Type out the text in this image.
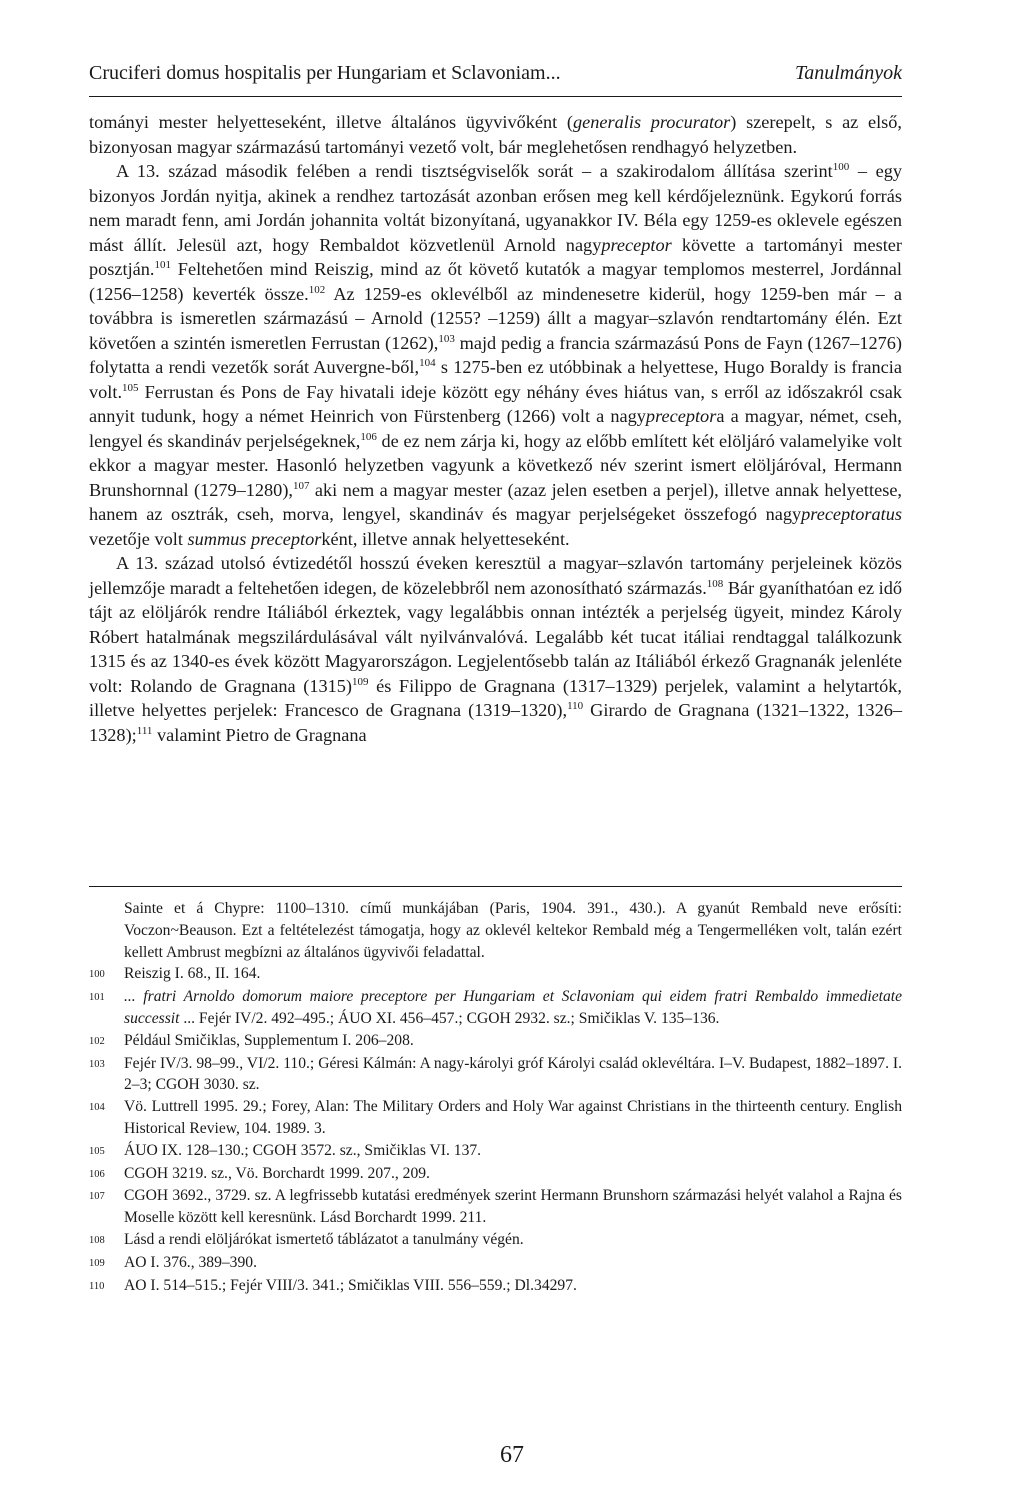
Cruciferi domus hospitalis per Hungariam et Sclavoniam...	Tanulmányok

tományi mester helyetteseként, illetve általános ügyvivőként (generalis procurator) szerepelt, s az első, bizonyosan magyar származású tartományi vezető volt, bár meglehetősen rendhagyó helyzetben.

A 13. század második felében a rendi tisztségviselők sorát – a szakirodalom állítása szerint$^{100}$ – egy bizonyos Jordán nyitja, akinek a rendhez tartozását azonban erősen meg kell kérdőjeleznünk. Egykorú forrás nem maradt fenn, ami Jordán johannita voltát bizonyítaná, ugyanakkor IV. Béla egy 1259-es oklevele egészen mást állít. Jelesül azt, hogy Rembaldot közvetlenül Arnold nagypreceptor követte a tartományi mester posztján.$^{101}$ Feltehetően mind Reiszig, mind az őt követő kutatók a magyar templomos mesterrel, Jordánnal (1256–1258) keverték össze.$^{102}$ Az 1259-es oklevélből az mindenesetre kiderül, hogy 1259-ben már – a továbbra is ismeretlen származású – Arnold (1255? –1259) állt a magyar–szlavón rendtartomány élén. Ezt követően a szintén ismeretlen Ferrustan (1262),$^{103}$ majd pedig a francia származású Pons de Fayn (1267–1276) folytatta a rendi vezetők sorát Auvergne-ből,$^{104}$ s 1275-ben ez utóbbinak a helyettese, Hugo Boraldy is francia volt.$^{105}$ Ferrustan és Pons de Fay hivatali ideje között egy néhány éves hiátus van, s erről az időszakról csak annyit tudunk, hogy a német Heinrich von Fürstenberg (1266) volt a nagypreceptora a magyar, német, cseh, lengyel és skandináv perjelségeknek,$^{106}$ de ez nem zárja ki, hogy az előbb említett két elöljáró valamelyike volt ekkor a magyar mester. Hasonló helyzetben vagyunk a következő név szerint ismert elöljáróval, Hermann Brunshornnal (1279–1280),$^{107}$ aki nem a magyar mester (azaz jelen esetben a perjel), illetve annak helyettese, hanem az osztrák, cseh, morva, lengyel, skandináv és magyar perjelségeket összefogó nagypreceptoratus vezetője volt summus preceptorként, illetve annak helyetteseként.

A 13. század utolsó évtizedétől hosszú éveken keresztül a magyar–szlavón tartomány perjeleinek közös jellemzője maradt a feltehetően idegen, de közelebbről nem azonosítható származás.$^{108}$ Bár gyaníthatóan ez idő tájt az elöljárók rendre Itáliából érkeztek, vagy legalábbis onnan intézték a perjelség ügyeit, mindez Károly Róbert hatalmának megszilárdulásával vált nyilvánvalóvá. Legalább két tucat itáliai rendtaggal találkozunk 1315 és az 1340-es évek között Magyarországon. Legjelentősebb talán az Itáliából érkező Gragnanák jelenléte volt: Rolando de Gragnana $(1315)^{109}$ és Filippo de Gragnana (1317–1329) perjelek, valamint a helytartók, illetve helyettes perjelek: Francesco de Gragnana (1319–1320),$^{110}$ Girardo de Gragnana (1321–1322, 1326–1328);$^{111}$ valamint Pietro de Gragnana

Sainte et á Chypre: 1100–1310. című munkájában (Paris, 1904. 391., 430.). A gyanút Rembald neve erősíti: Voczon~Beauson. Ezt a feltételezést támogatja, hogy az oklevél keltekor Rembald még a Tengermelléken volt, talán ezért kellett Ambrust megbízni az általános ügyvivői feladattal.
100	Reiszig I. 68., II. 164.
101	... fratri Arnoldo domorum maiore preceptore per Hungariam et Sclavoniam qui eidem fratri Rembaldo immedietate successit ... Fejér IV/2. 492–495.; ÁUO XI. 456–457.; CGOH 2932. sz.; Smičiklas V. 135–136.
102	Például Smičiklas, Supplementum I. 206–208.
103	Fejér IV/3. 98–99., VI/2. 110.; Géresi Kálmán: A nagy-károlyi gróf Károlyi család oklevéltára. I–V. Budapest, 1882–1897. I. 2–3; CGOH 3030. sz.
104	Vö. Luttrell 1995. 29.; Forey, Alan: The Military Orders and Holy War against Christians in the thirteenth century. English Historical Review, 104. 1989. 3.
105	ÁUO IX. 128–130.; CGOH 3572. sz., Smičiklas VI. 137.
106	CGOH 3219. sz., Vö. Borchardt 1999. 207., 209.
107	CGOH 3692., 3729. sz. A legfrissebb kutatási eredmények szerint Hermann Brunshorn származási helyét valahol a Rajna és Moselle között kell keresnünk. Lásd Borchardt 1999. 211.
108	Lásd a rendi elöljárókat ismertető táblázatot a tanulmány végén.
109	AO I. 376., 389–390.
110	AO I. 514–515.; Fejér VIII/3. 341.; Smičiklas VIII. 556–559.; Dl.34297.
67
